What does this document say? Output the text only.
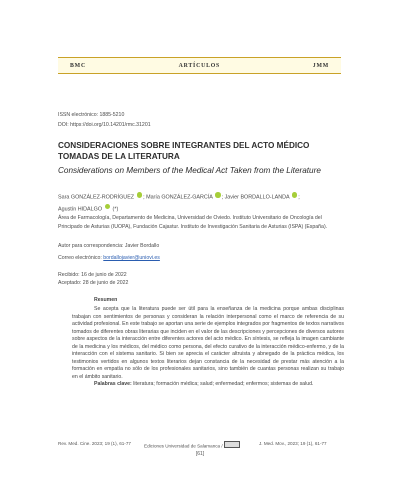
BMC	ARTÍCULOS	JMM
ISSN electrónico: 1885-5210
DOI: https://doi.org/10.14201/rmc.31201
CONSIDERACIONES SOBRE INTEGRANTES DEL ACTO MÉDICO TOMADAS DE LA LITERATURA
Considerations on Members of the Medical Act Taken from the Literature
Sara GONZÁLEZ-RODRÍGUEZ ; María GONZÁLEZ-GARCÍA ; Javier BORDALLO-LANDA ;
Agustín HIDALGO (*)
Área de Farmacología, Departamento de Medicina, Universidad de Oviedo. Instituto Universitario de Oncología del Principado de Asturias (IUOPA), Fundación Cajastur. Instituto de Investigación Sanitaria de Asturias (ISPA) (España).
Autor para correspondencia: Javier Bordallo
Correo electrónico: bordallojavier@uniovi.es
Recibido: 16 de junio de 2022
Aceptado: 28 de junio de 2022
Resumen
Se acepta que la literatura puede ser útil para la enseñanza de la medicina porque ambas disciplinas trabajan con sentimientos de personas y consideran la relación interpersonal como el marco de referencia de su actividad profesional. En este trabajo se aportan una serie de ejemplos integrados por fragmentos de textos narrativos tomados de diferentes obras literarias que inciden en el valor de las descripciones y percepciones de diversos autores sobre aspectos de la interacción entre diferentes actores del acto médico. En síntesis, se refleja la imagen cambiante de la medicina y los médicos, del médico como persona, del efecto curativo de la interacción médico-enfermo, y de la interacción con el sistema sanitario. Si bien se aprecia el carácter altruista y abnegado de la práctica médica, los testimonios vertidos en algunos textos literarios dejan constancia de la necesidad de prestar más atención a la formación en empatía no sólo de los profesionales sanitarios, sino también de cuantas personas realizan su trabajo en el ámbito sanitario.
Palabras clave: literatura; formación médica; salud; enfermedad; enfermos; sistemas de salud.
Rev. Med. Cine. 2023; 19 (1), 61-77	Ediciones Universidad de Salamanca /	J. Med. Mov., 2023; 19 (1), 61-77
[61]
